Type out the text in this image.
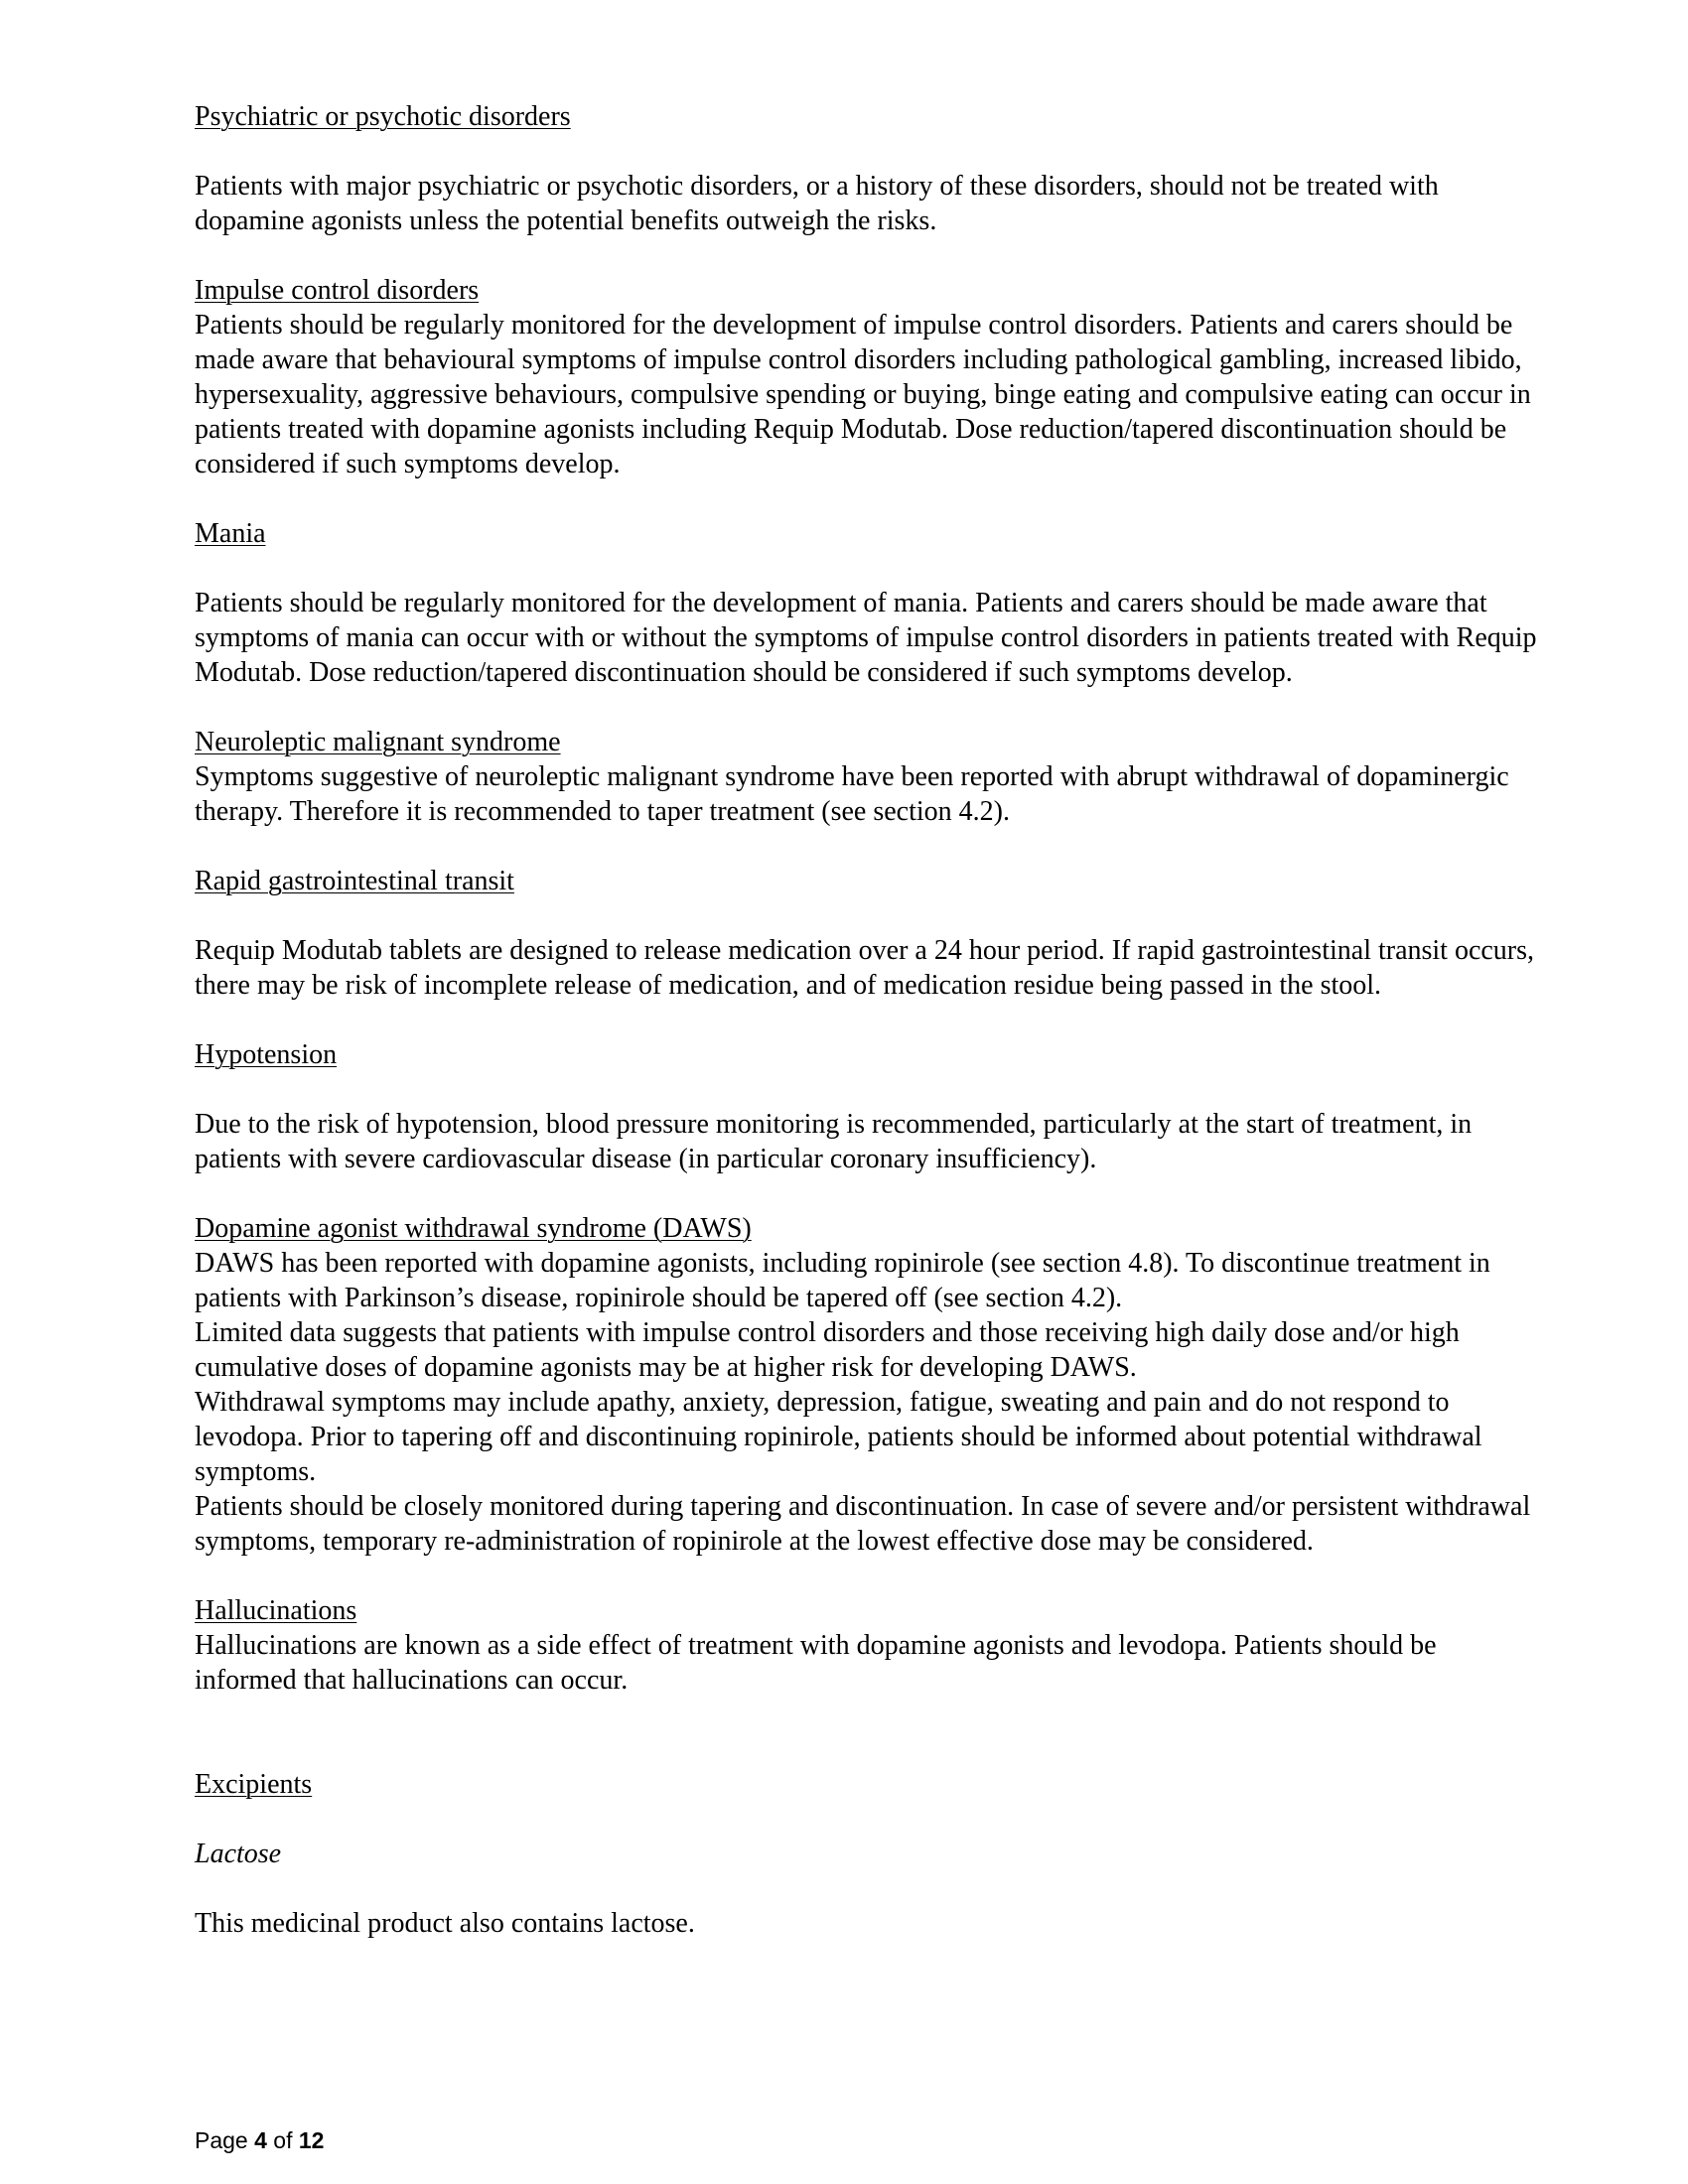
Psychiatric or psychotic disorders

Patients with major psychiatric or psychotic disorders, or a history of these disorders, should not be treated with dopamine agonists unless the potential benefits outweigh the risks.

Impulse control disorders

Patients should be regularly monitored for the development of impulse control disorders. Patients and carers should be made aware that behavioural symptoms of impulse control disorders including pathological gambling, increased libido, hypersexuality, aggressive behaviours, compulsive spending or buying, binge eating and compulsive eating can occur in patients treated with dopamine agonists including Requip Modutab. Dose reduction/tapered discontinuation should be considered if such symptoms develop.

Mania

Patients should be regularly monitored for the development of mania. Patients and carers should be made aware that symptoms of mania can occur with or without the symptoms of impulse control disorders in patients treated with Requip Modutab. Dose reduction/tapered discontinuation should be considered if such symptoms develop.

Neuroleptic malignant syndrome

Symptoms suggestive of neuroleptic malignant syndrome have been reported with abrupt withdrawal of dopaminergic therapy. Therefore it is recommended to taper treatment (see section 4.2).

Rapid gastrointestinal transit

Requip Modutab tablets are designed to release medication over a 24 hour period. If rapid gastrointestinal transit occurs, there may be risk of incomplete release of medication, and of medication residue being passed in the stool.

Hypotension

Due to the risk of hypotension, blood pressure monitoring is recommended, particularly at the start of treatment, in patients with severe cardiovascular disease (in particular coronary insufficiency).

Dopamine agonist withdrawal syndrome (DAWS)

DAWS has been reported with dopamine agonists, including ropinirole (see section 4.8). To discontinue treatment in patients with Parkinson’s disease, ropinirole should be tapered off (see section 4.2).

Limited data suggests that patients with impulse control disorders and those receiving high daily dose and/or high cumulative doses of dopamine agonists may be at higher risk for developing DAWS.

Withdrawal symptoms may include apathy, anxiety, depression, fatigue, sweating and pain and do not respond to levodopa. Prior to tapering off and discontinuing ropinirole, patients should be informed about potential withdrawal symptoms.

Patients should be closely monitored during tapering and discontinuation. In case of severe and/or persistent withdrawal symptoms, temporary re-administration of ropinirole at the lowest effective dose may be considered.

Hallucinations

Hallucinations are known as a side effect of treatment with dopamine agonists and levodopa. Patients should be informed that hallucinations can occur.

Excipients

Lactose

This medicinal product also contains lactose.

Page 4 of 12
